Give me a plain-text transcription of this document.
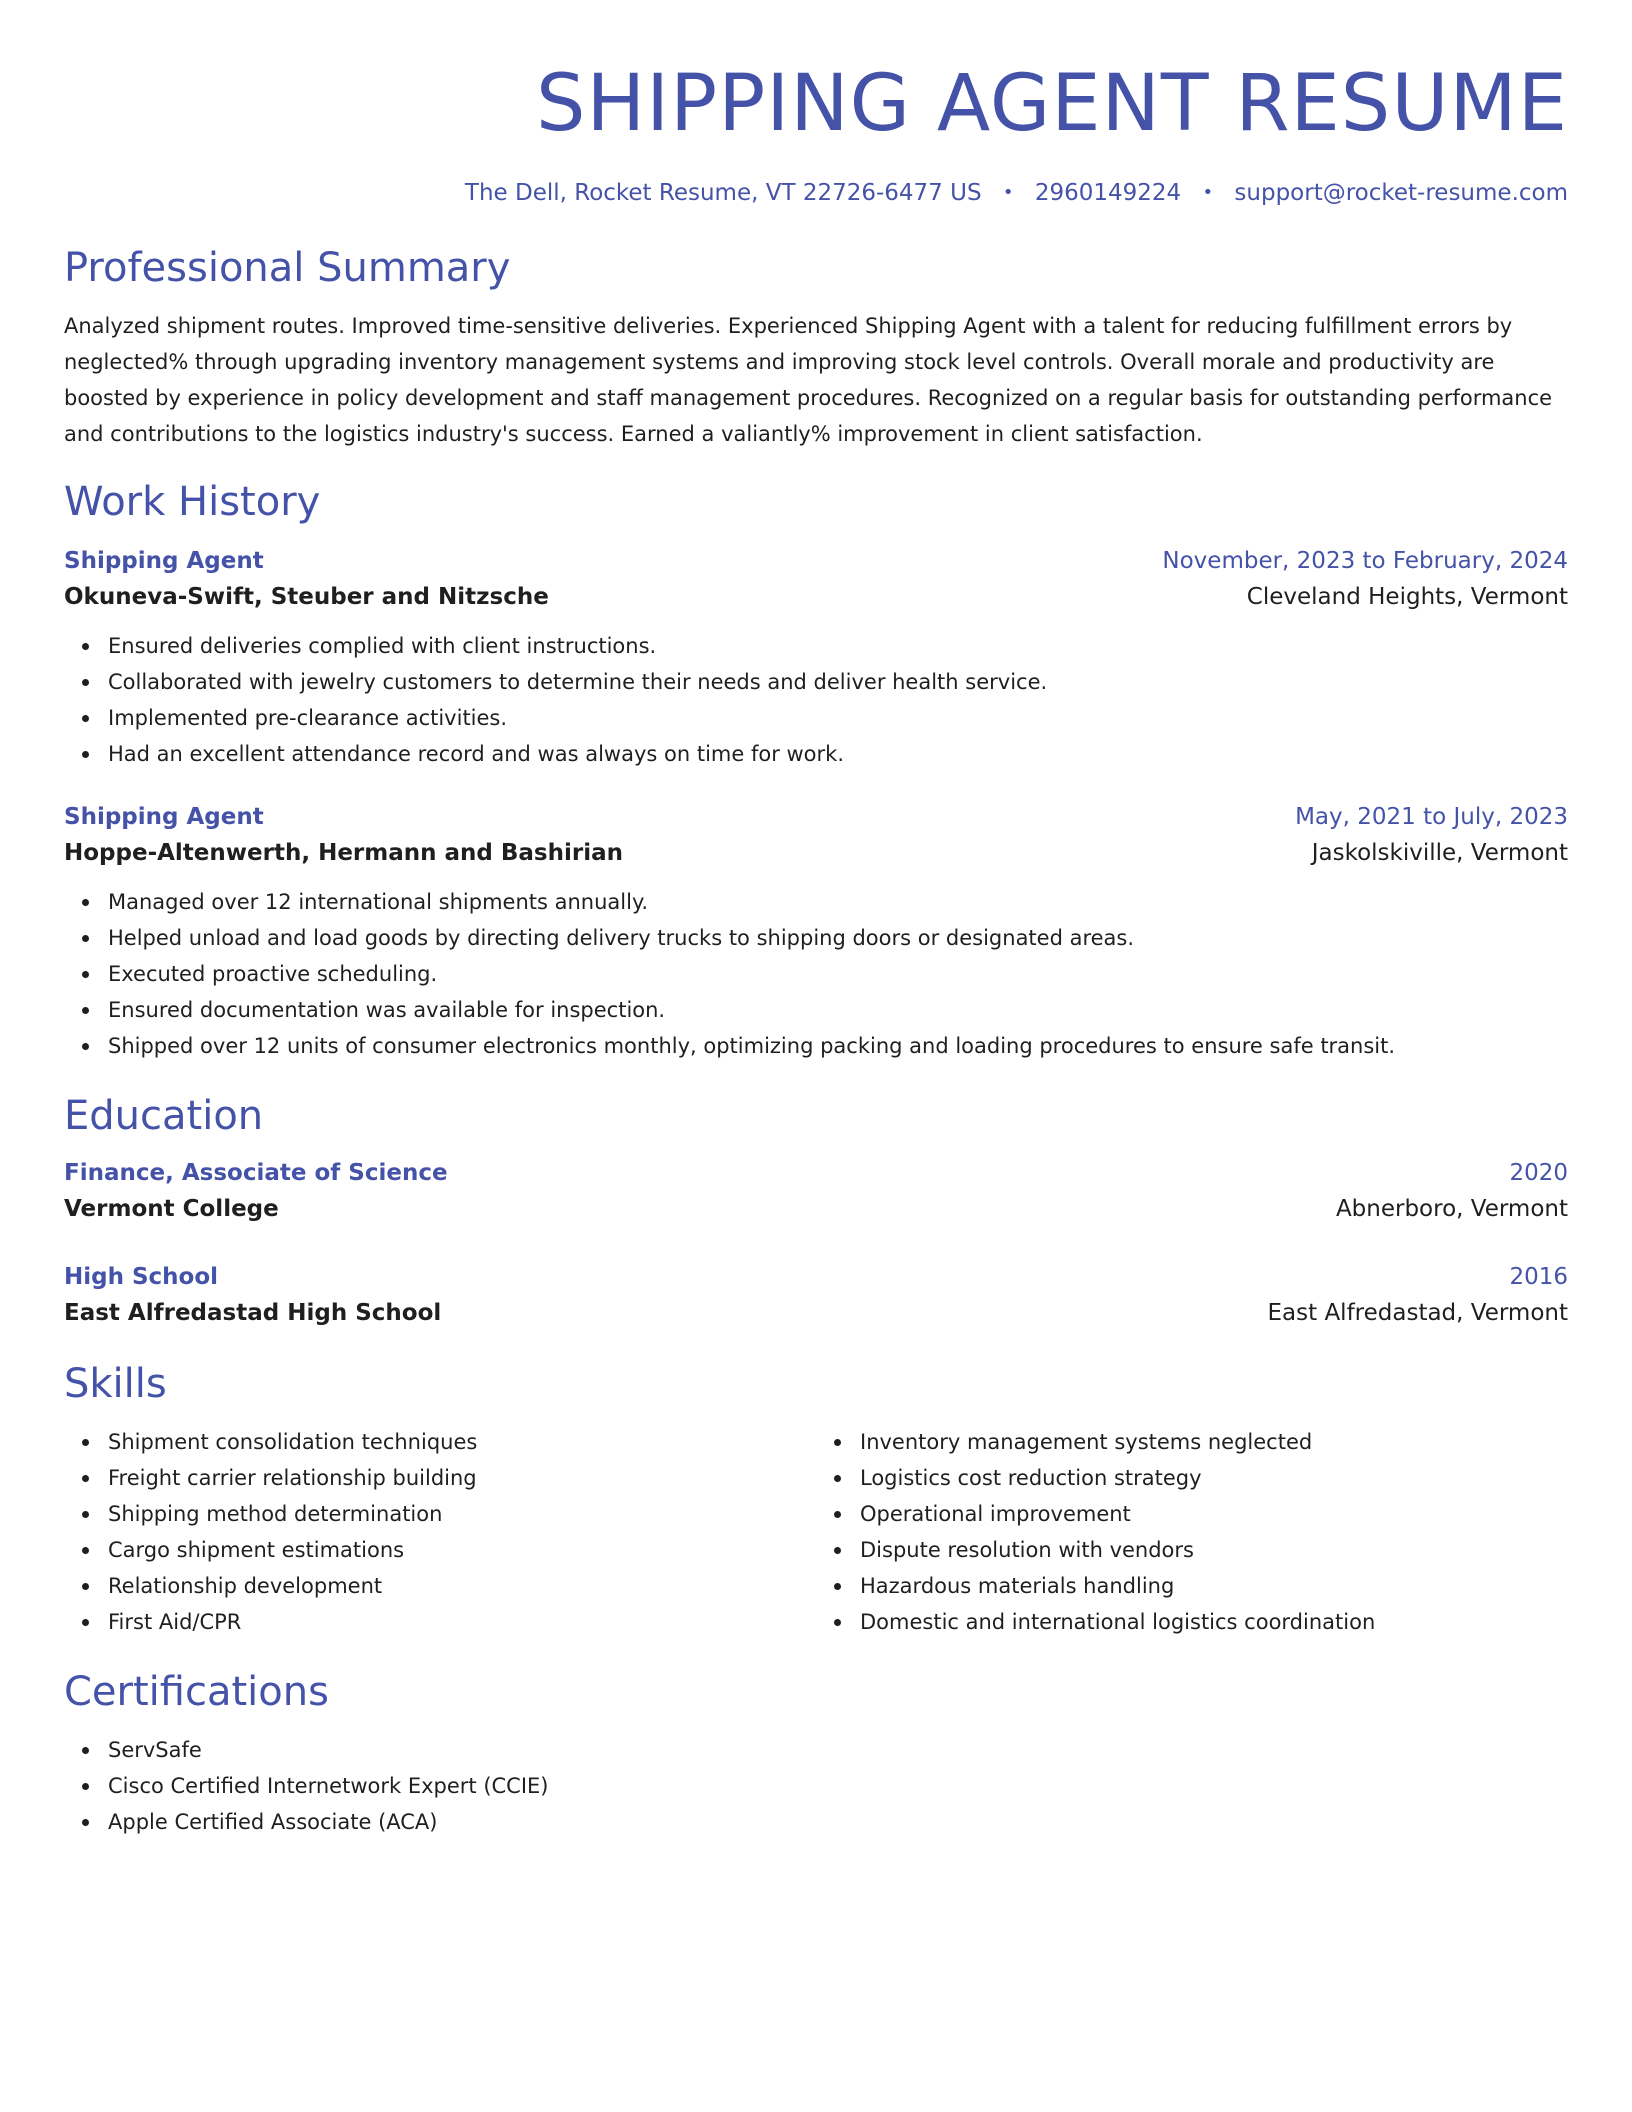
SHIPPING AGENT RESUME
The Dell, Rocket Resume, VT 22726-6477 US • 2960149224 • support@rocket-resume.com
Professional Summary

Analyzed shipment routes. Improved time-sensitive deliveries. Experienced Shipping Agent with a talent for reducing fulfillment errors by neglected% through upgrading inventory management systems and improving stock level controls. Overall morale and productivity are boosted by experience in policy development and staff management procedures. Recognized on a regular basis for outstanding performance and contributions to the logistics industry's success. Earned a valiantly% improvement in client satisfaction.

Work History
Shipping Agent	November, 2023 to February, 2024
Okuneva-Swift, Steuber and Nitzsche	Cleveland Heights, Vermont
Ensured deliveries complied with client instructions.
Collaborated with jewelry customers to determine their needs and deliver health service.
Implemented pre-clearance activities.
Had an excellent attendance record and was always on time for work.
Shipping Agent	May, 2021 to July, 2023
Hoppe-Altenwerth, Hermann and Bashirian	Jaskolskiville, Vermont
Managed over 12 international shipments annually.
Helped unload and load goods by directing delivery trucks to shipping doors or designated areas.
Executed proactive scheduling.
Ensured documentation was available for inspection.
Shipped over 12 units of consumer electronics monthly, optimizing packing and loading procedures to ensure safe transit.
Education
Finance, Associate of Science	2020
Vermont College	Abnerboro, Vermont
High School	2016
East Alfredastad High School	East Alfredastad, Vermont
Skills
Shipment consolidation techniques
Freight carrier relationship building
Shipping method determination
Cargo shipment estimations
Relationship development
First Aid/CPR
Inventory management systems neglected
Logistics cost reduction strategy
Operational improvement
Dispute resolution with vendors
Hazardous materials handling
Domestic and international logistics coordination
Certifications
ServSafe
Cisco Certified Internetwork Expert (CCIE)
Apple Certified Associate (ACA)
